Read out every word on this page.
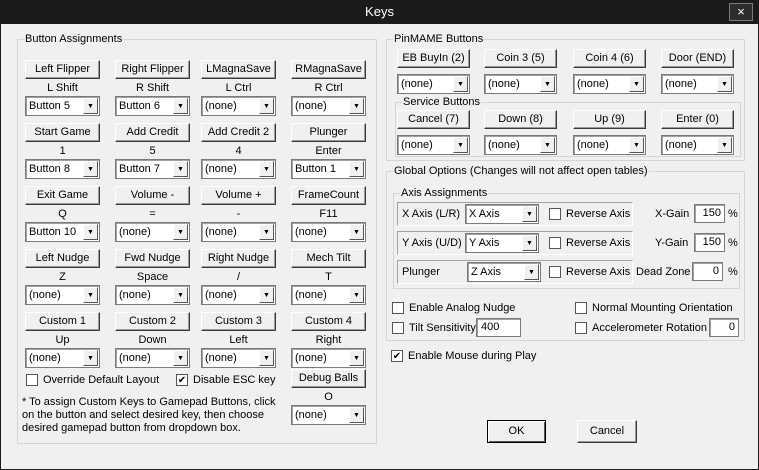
Keys	×
Button Assignments
Left Flipper
L Shift
Button 5	▼
Right Flipper
R Shift
Button 6	▼
LMagnaSave
L Ctrl
(none)	▼
RMagnaSave
R Ctrl
(none)	▼
Start Game
1
Button 8	▼
Add Credit
5
Button 7	▼
Add Credit 2
4
(none)	▼
Plunger
Enter
Button 1	▼
Exit Game
Q
Button 10	▼
Volume -
=
(none)	▼
Volume +
-
(none)	▼
FrameCount
F11
(none)	▼
Left Nudge
Z
(none)	▼
Fwd Nudge
Space
(none)	▼
Right Nudge
/
(none)	▼
Mech Tilt
T
(none)	▼
Custom 1
Up
(none)	▼
Custom 2
Down
(none)	▼
Custom 3
Left
(none)	▼
Custom 4
Right
(none)	▼
Override Default Layout ✔ Disable ESC key	Debug Balls
O
(none)	▼
* To assign Custom Keys to Gamepad Buttons, click on the button and select desired key, then choose desired gamepad button from dropdown box.
PinMAME Buttons
EB BuyIn (2)
(none)	▼
Coin 3 (5)
(none)	▼
Coin 4 (6)
(none)	▼
Door (END)
(none)	▼
Service Buttons
Cancel (7)
(none)	▼
Down (8)
(none)	▼
Up (9)
(none)	▼
Enter (0)
(none)	▼
Global Options (Changes will not affect open tables)
Axis Assignments
X Axis (L/R) X Axis	▼	Reverse Axis X-Gain	150 %
Y Axis (U/D) Y Axis	▼	Reverse Axis Y-Gain	150 %
Plunger	Z Axis	▼	Reverse Axis Dead Zone	0 %
Enable Analog Nudge	Normal Mounting Orientation
Tilt Sensitivity 400	Accelerometer Rotation	0
✔ Enable Mouse during Play
OK	Cancel
